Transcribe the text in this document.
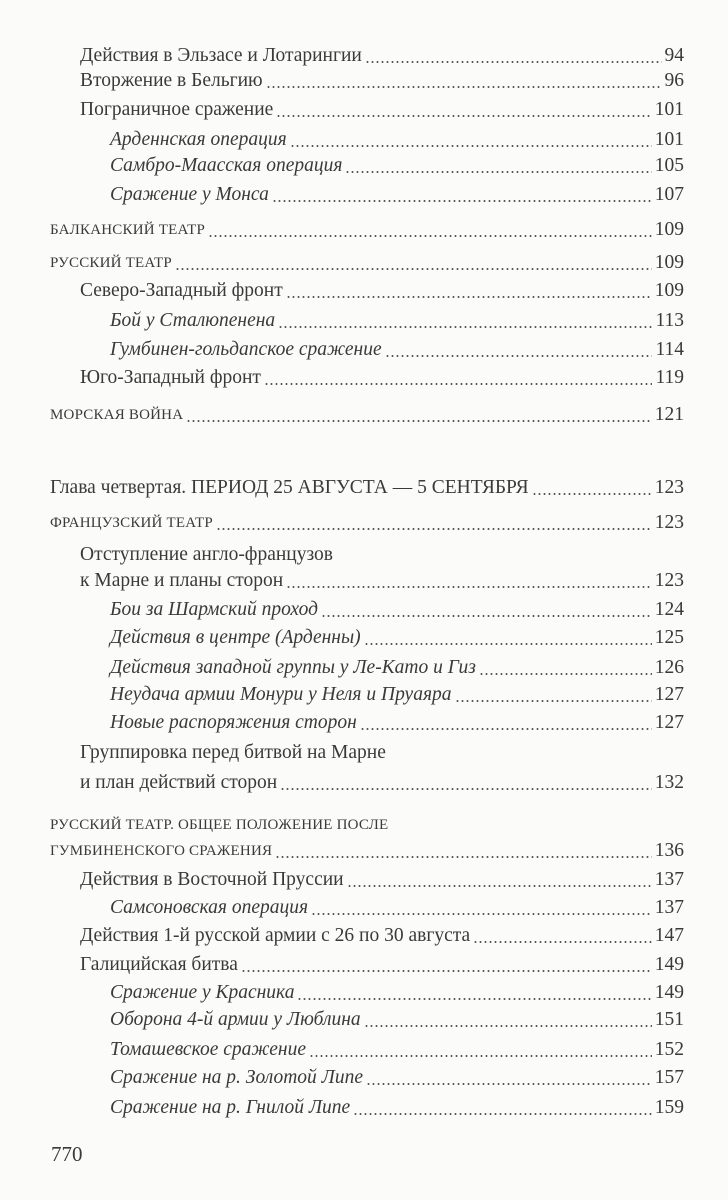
Действия в Эльзасе и Лотарингии	94
Вторжение в Бельгию	96
Пограничное сражение	101
Арденнская операция	101
Самбро-Маасская операция	105
Сражение у Монса	107
БАЛКАНСКИЙ ТЕАТР	109
РУССКИЙ ТЕАТР	109
Северо-Западный фронт	109
Бой у Сталюпенена	113
Гумбинен-гольдапское сражение	114
Юго-Западный фронт	119
МОРСКАЯ ВОЙНА	121
Глава четвертая. ПЕРИОД 25 АВГУСТА — 5 СЕНТЯБРЯ	123
ФРАНЦУЗСКИЙ ТЕАТР	123
Отступление англо-французов
к Марне и планы сторон	123
Бои за Шармский проход	124
Действия в центре (Арденны)	125
Действия западной группы у Ле-Като и Гиз	126
Неудача армии Монури у Неля и Пруаяра	127
Новые распоряжения сторон	127
Группировка перед битвой на Марне
и план действий сторон	132
РУССКИЙ ТЕАТР. ОБЩЕЕ ПОЛОЖЕНИЕ ПОСЛЕ
ГУМБИНЕНСКОГО СРАЖЕНИЯ	136
Действия в Восточной Пруссии	137
Самсоновская операция	137
Действия 1-й русской армии с 26 по 30 августа	147
Галицийская битва	149
Сражение у Красника	149
Оборона 4-й армии у Люблина	151
Томашевское сражение	152
Сражение на р. Золотой Липе	157
Сражение на р. Гнилой Липе	159
770
